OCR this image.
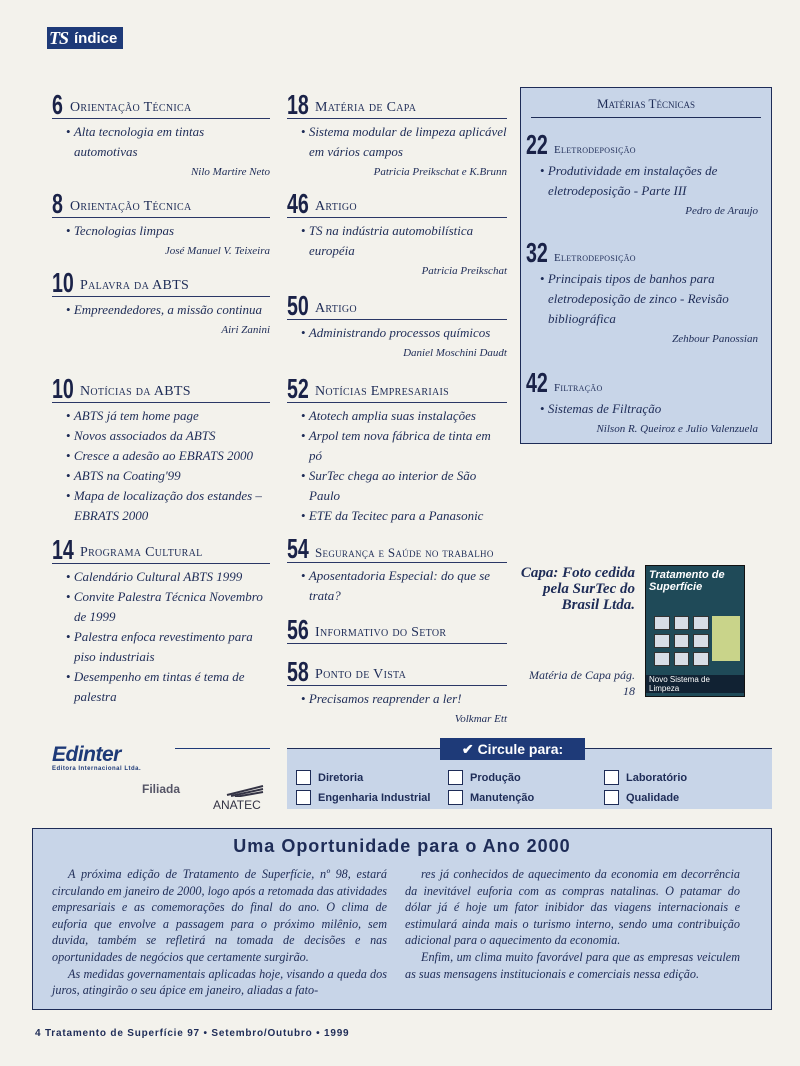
TS índice
6 Orientação Técnica
• Alta tecnologia em tintas automotivas
Nilo Martire Neto
8 Orientação Técnica
• Tecnologias limpas
José Manuel V. Teixeira
10 Palavra da ABTS
• Empreendedores, a missão continua
Airi Zanini
10 Notícias da ABTS
• ABTS já tem home page
• Novos associados da ABTS
• Cresce a adesão ao EBRATS 2000
• ABTS na Coating'99
• Mapa de localização dos estandes – EBRATS 2000
14 Programa Cultural
• Calendário Cultural ABTS 1999
• Convite Palestra Técnica Novembro de 1999
• Palestra enfoca revestimento para piso industriais
• Desempenho em tintas é tema de palestra
18 Matéria de Capa
• Sistema modular de limpeza aplicável em vários campos
Patricia Preikschat e K.Brunn
46 Artigo
• TS na indústria automobilística européia
Patricia Preikschat
50 Artigo
• Administrando processos químicos
Daniel Moschini Daudt
52 Notícias Empresariais
• Atotech amplia suas instalações
• Arpol tem nova fábrica de tinta em pó
• SurTec chega ao interior de São Paulo
• ETE da Tecitec para a Panasonic
54 Segurança e Saúde no trabalho
• Aposentadoria Especial: do que se trata?
56 Informativo do Setor
58 Ponto de Vista
• Precisamos reaprender a ler!
Volkmar Ett
Matérias Técnicas
22 Eletrodeposição
• Produtividade em instalações de eletrodeposição - Parte III
Pedro de Araujo
32 Eletrodeposição
• Principais tipos de banhos para eletrodeposição de zinco - Revisão bibliográfica
Zehbour Panossian
42 Filtração
• Sistemas de Filtração
Nilson R. Queiroz e Julio Valenzuela
Capa: Foto cedida pela SurTec do Brasil Ltda.
Matéria de Capa pág. 18
Tratamento de Superfície
Novo Sistema de Limpeza
Edinter
Editora Internacional Ltda.
Filiada
ANATEC
✔ Circule para:
Diretoria
Engenharia Industrial
Produção
Manutenção
Laboratório
Qualidade
Uma Oportunidade para o Ano 2000

A próxima edição de Tratamento de Superfície, nº 98, estará circulando em janeiro de 2000, logo após a retomada das atividades empresariais e as comemorações do final do ano. O clima de euforia que envolve a passagem para o próximo milênio, sem duvida, também se refletirá na tomada de decisões e nas oportunidades de negócios que certamente surgirão.

As medidas governamentais aplicadas hoje, visando a queda dos juros, atingirão o seu ápice em janeiro, aliadas a fato-

res já conhecidos de aquecimento da economia em decorrência da inevitável euforia com as compras natalinas. O patamar do dólar já é hoje um fator inibidor das viagens internacionais e estimulará ainda mais o turismo interno, sendo uma contribuição adicional para o aquecimento da economia.

Enfim, um clima muito favorável para que as empresas veiculem as suas mensagens institucionais e comerciais nessa edição.

4 Tratamento de Superfície 97 • Setembro/Outubro • 1999
